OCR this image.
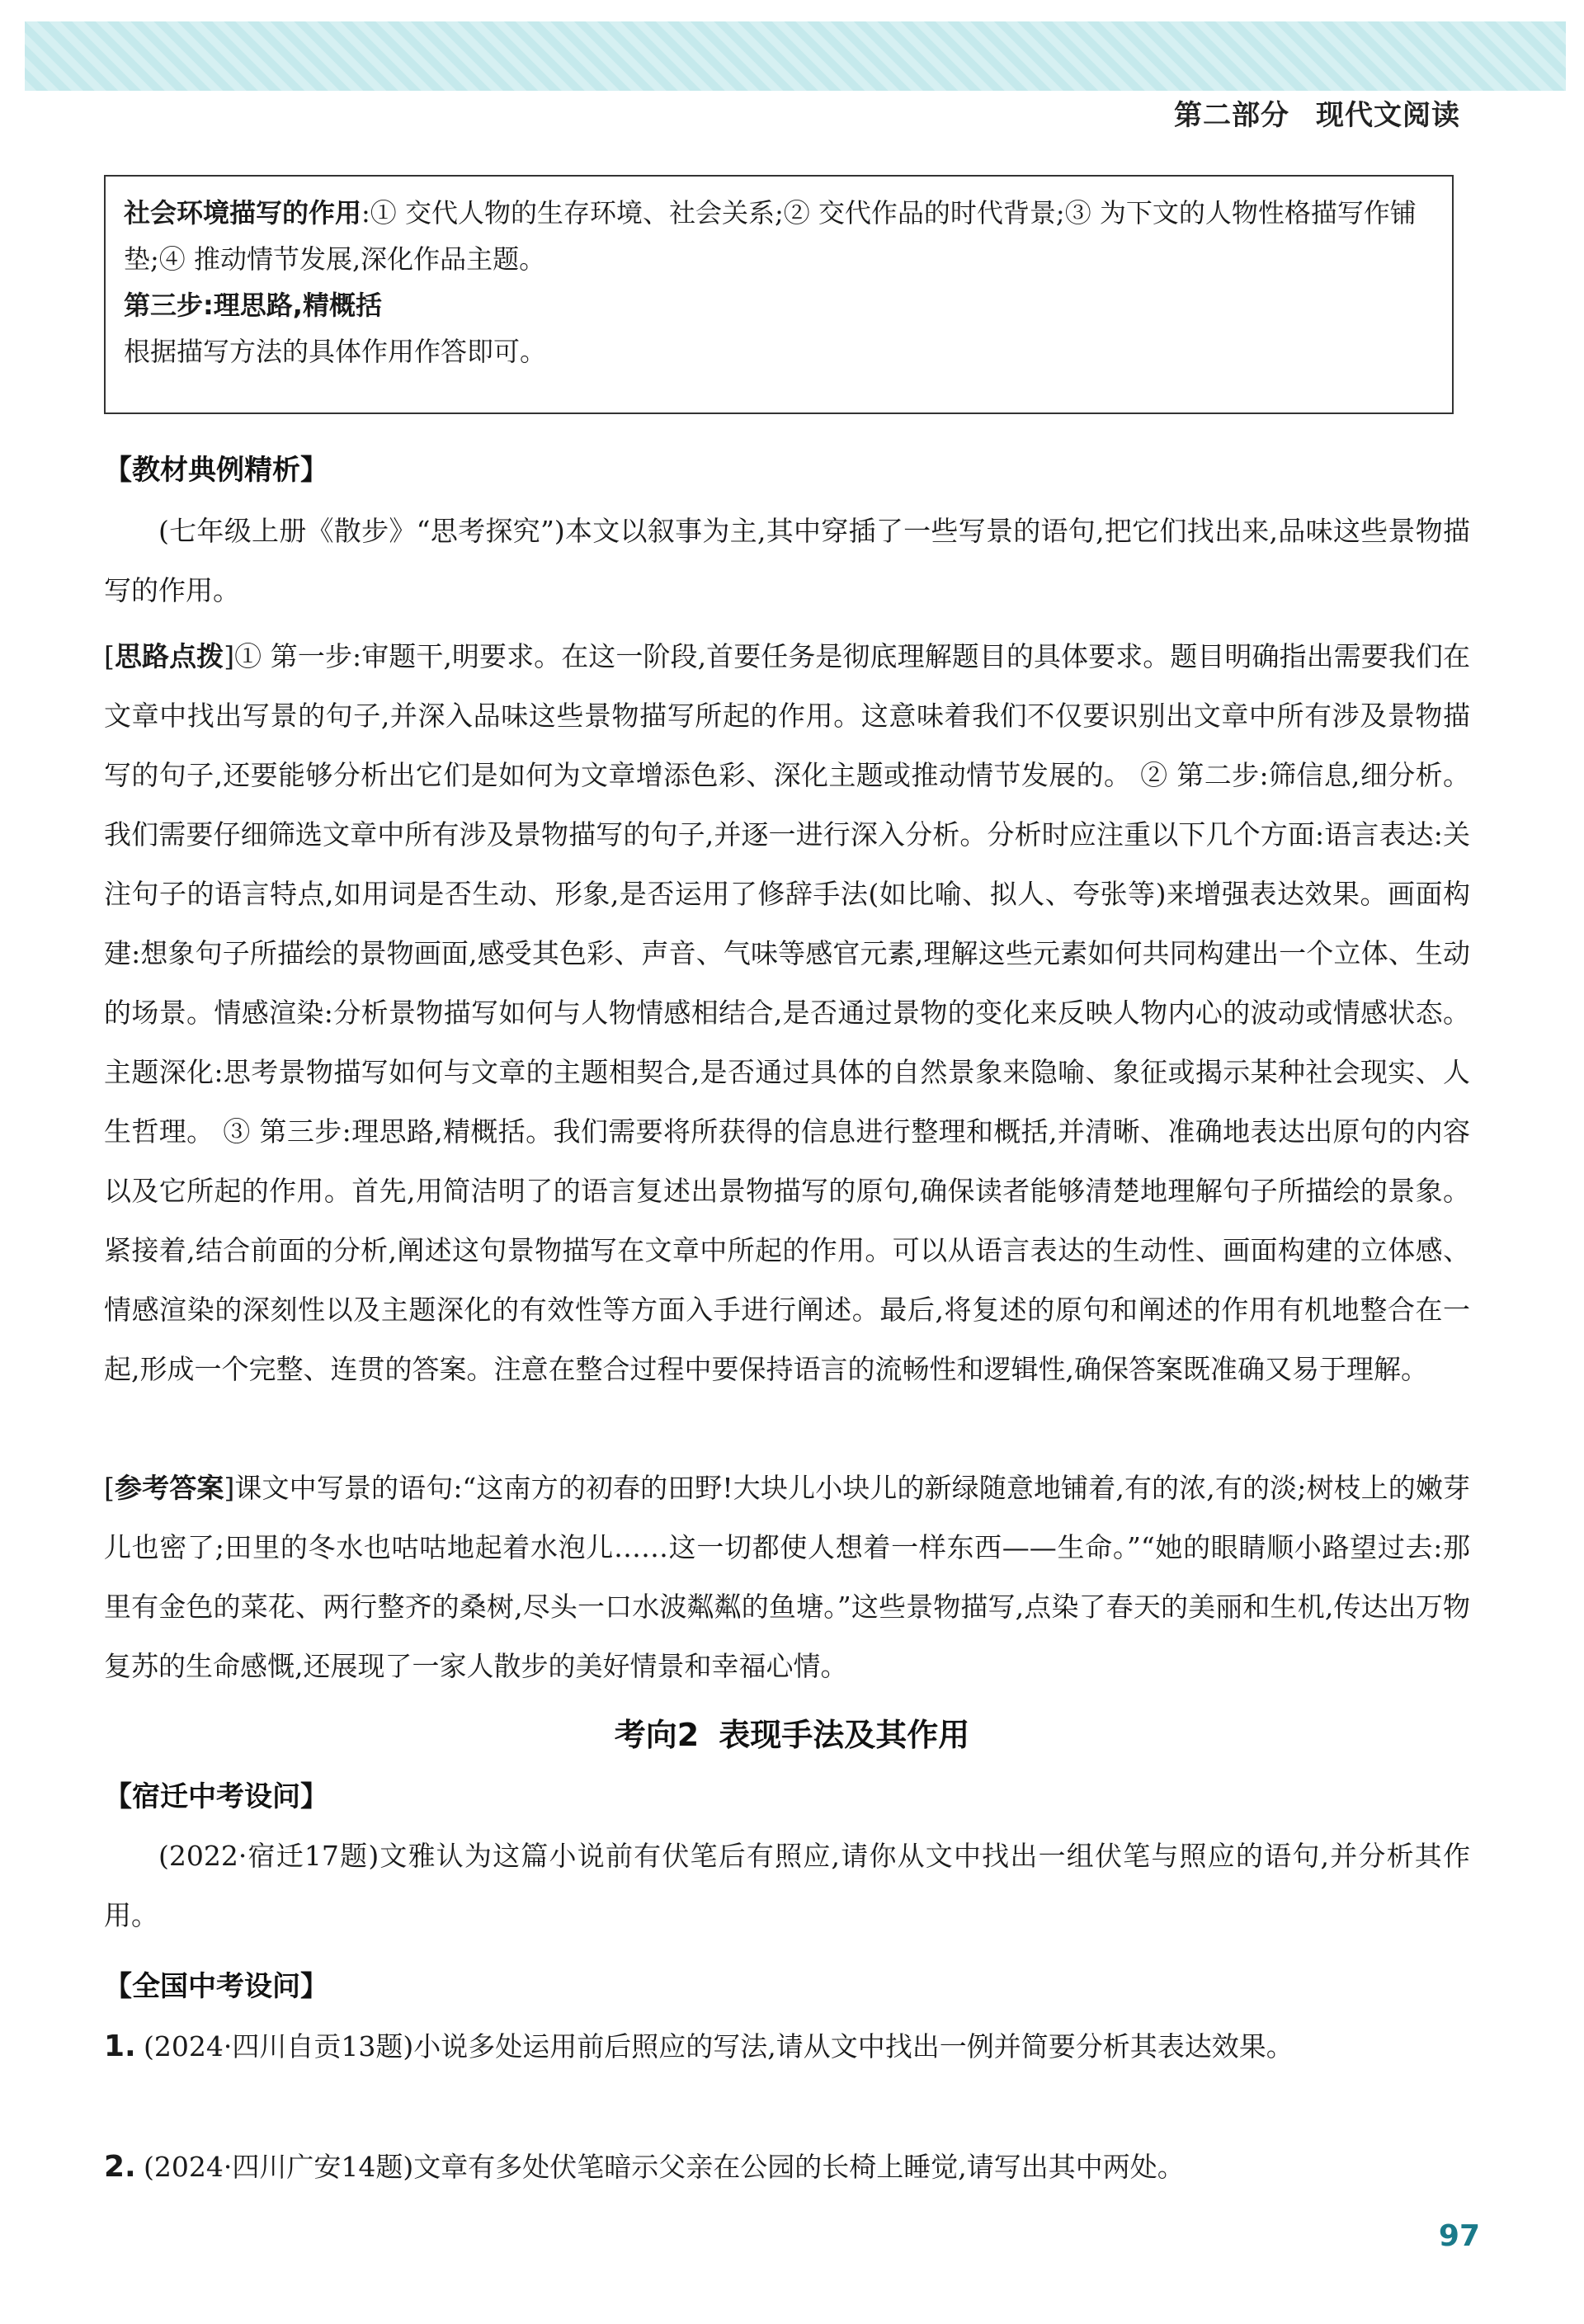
第二部分 现代文阅读
社会环境描写的作用:① 交代人物的生存环境、社会关系;② 交代作品的时代背景;③ 为下文的人物性格描写作铺垫;④ 推动情节发展,深化作品主题。
第三步:理思路,精概括
根据描写方法的具体作用作答即可。
【教材典例精析】
(七年级上册《散步》“思考探究”)本文以叙事为主,其中穿插了一些写景的语句,把它们找出来,品味这些景物描写的作用。
[思路点拨]① 第一步:审题干,明要求。在这一阶段,首要任务是彻底理解题目的具体要求。题目明确指出需要我们在文章中找出写景的句子,并深入品味这些景物描写所起的作用。这意味着我们不仅要识别出文章中所有涉及景物描写的句子,还要能够分析出它们是如何为文章增添色彩、深化主题或推动情节发展的。 ② 第二步:筛信息,细分析。我们需要仔细筛选文章中所有涉及景物描写的句子,并逐一进行深入分析。分析时应注重以下几个方面:语言表达:关注句子的语言特点,如用词是否生动、形象,是否运用了修辞手法(如比喻、拟人、夸张等)来增强表达效果。画面构建:想象句子所描绘的景物画面,感受其色彩、声音、气味等感官元素,理解这些元素如何共同构建出一个立体、生动的场景。情感渲染:分析景物描写如何与人物情感相结合,是否通过景物的变化来反映人物内心的波动或情感状态。主题深化:思考景物描写如何与文章的主题相契合,是否通过具体的自然景象来隐喻、象征或揭示某种社会现实、人生哲理。 ③ 第三步:理思路,精概括。我们需要将所获得的信息进行整理和概括,并清晰、准确地表达出原句的内容以及它所起的作用。首先,用简洁明了的语言复述出景物描写的原句,确保读者能够清楚地理解句子所描绘的景象。紧接着,结合前面的分析,阐述这句景物描写在文章中所起的作用。可以从语言表达的生动性、画面构建的立体感、情感渲染的深刻性以及主题深化的有效性等方面入手进行阐述。最后,将复述的原句和阐述的作用有机地整合在一起,形成一个完整、连贯的答案。注意在整合过程中要保持语言的流畅性和逻辑性,确保答案既准确又易于理解。
[参考答案]课文中写景的语句:“这南方的初春的田野!大块儿小块儿的新绿随意地铺着,有的浓,有的淡;树枝上的嫩芽儿也密了;田里的冬水也咕咕地起着水泡儿……这一切都使人想着一样东西——生命。”“她的眼睛顺小路望过去:那里有金色的菜花、两行整齐的桑树,尽头一口水波粼粼的鱼塘。”这些景物描写,点染了春天的美丽和生机,传达出万物复苏的生命感慨,还展现了一家人散步的美好情景和幸福心情。
考向2 表现手法及其作用
【宿迁中考设问】
(2022·宿迁17题)文雅认为这篇小说前有伏笔后有照应,请你从文中找出一组伏笔与照应的语句,并分析其作用。
【全国中考设问】
1. (2024·四川自贡13题)小说多处运用前后照应的写法,请从文中找出一例并简要分析其表达效果。
2. (2024·四川广安14题)文章有多处伏笔暗示父亲在公园的长椅上睡觉,请写出其中两处。
97
